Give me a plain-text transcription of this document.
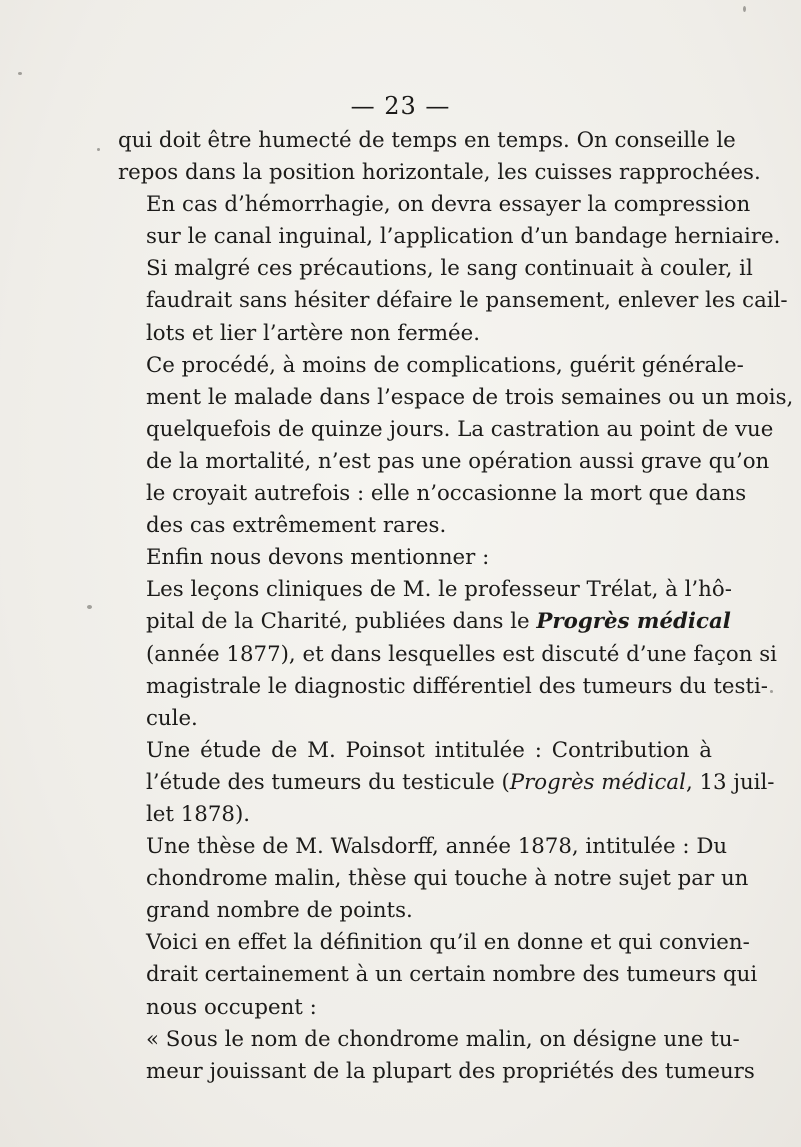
— 23 —

qui doit être humecté de temps en temps. On conseille le
repos dans la position horizontale, les cuisses rapprochées.

En cas d’hémorrhagie, on devra essayer la compression
sur le canal inguinal, l’application d’un bandage herniaire.
Si malgré ces précautions, le sang continuait à couler, il
faudrait sans hésiter défaire le pansement, enlever les cail-
lots et lier l’artère non fermée.

Ce procédé, à moins de complications, guérit générale-
ment le malade dans l’espace de trois semaines ou un mois,
quelquefois de quinze jours. La castration au point de vue
de la mortalité, n’est pas une opération aussi grave qu’on
le croyait autrefois : elle n’occasionne la mort que dans
des cas extrêmement rares.

Enfin nous devons mentionner :

Les leçons cliniques de M. le professeur Trélat, à l’hô-
pital de la Charité, publiées dans le Progrès médical
(année 1877), et dans lesquelles est discuté d’une façon si
magistrale le diagnostic différentiel des tumeurs du testi-
cule.

Une étude de M. Poinsot intitulée : Contribution à
l’étude des tumeurs du testicule (Progrès médical, 13 juil-
let 1878).

Une thèse de M. Walsdorff, année 1878, intitulée : Du
chondrome malin, thèse qui touche à notre sujet par un
grand nombre de points.

Voici en effet la définition qu’il en donne et qui convien-
drait certainement à un certain nombre des tumeurs qui
nous occupent :

« Sous le nom de chondrome malin, on désigne une tu-
meur jouissant de la plupart des propriétés des tumeurs
